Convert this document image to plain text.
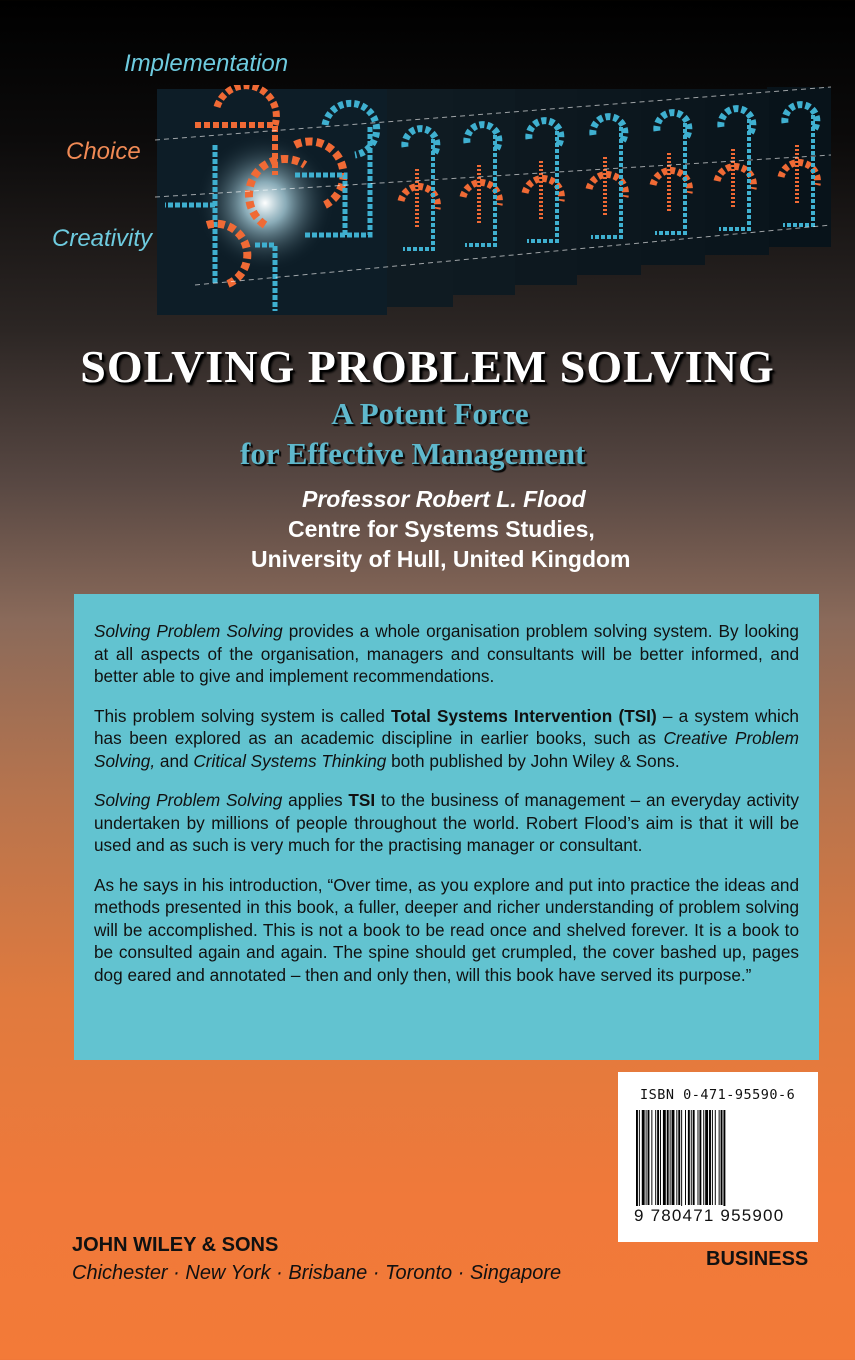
Implementation
Choice
Creativity
SOLVING PROBLEM SOLVING
A Potent Force
for Effective Management
Professor Robert L. Flood
Centre for Systems Studies,
University of Hull, United Kingdom

Solving Problem Solving provides a whole organisation problem solving system. By looking at all aspects of the organisation, managers and consultants will be better informed, and better able to give and implement recommendations.

This problem solving system is called Total Systems Intervention (TSI) – a system which has been explored as an academic discipline in earlier books, such as Creative Problem Solving, and Critical Systems Thinking both published by John Wiley & Sons.

Solving Problem Solving applies TSI to the business of management – an everyday activity undertaken by millions of people throughout the world. Robert Flood’s aim is that it will be used and as such is very much for the practising manager or consultant.

As he says in his introduction, “Over time, as you explore and put into practice the ideas and methods presented in this book, a fuller, deeper and richer understanding of problem solving will be accomplished. This is not a book to be read once and shelved forever. It is a book to be consulted again and again. The spine should get crumpled, the cover bashed up, pages dog eared and annotated – then and only then, will this book have served its purpose.”

ISBN 0-471-95590-6
9 780471 955900
JOHN WILEY & SONS
Chichester · New York · Brisbane · Toronto · Singapore
BUSINESS
